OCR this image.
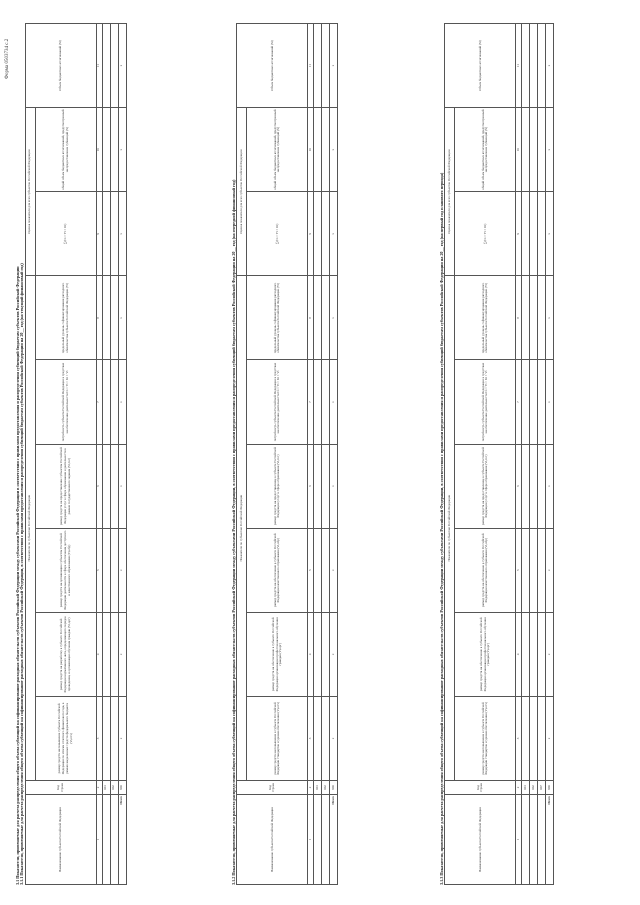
Форма 0503734 с.2
3.1 Показатели, применяемые для расчета распределения общего объема субвенций на софинансирование расходных обязательств субъектов Российской Федерации между субъектами Российской Федерации в соответствии с правилами предоставления и распределения субвенций бюджетам субъектов Российской Федерации 3.1.1 Показатели, применяемые для расчета распределения общего объема субвенций на софинансирование расходных обязательств субъектов Российской Федерации, в соответствии с правилами предоставления и распределения субвенций бюджетам субъектов Российской Федерации на 20__ год (на текущий финансовый год)	Наименование субъекта Российской Федерации	Код строки	Показатели по субъектам Российской Федерации						Оценка показателя для всех субъектов Российской Федерации		Объем бюджетных ассигнований (Si)
		размер средств на повышение субъекта Российской Федерации по итогам отчетного финансового года, в рамках выделенных средств федерального бюджета (Vi,отч)	размер средств на разработку в субъекте Российской Федерации нормативного акта, определяющего порядок проведения, и организации обучения граждан (Vi,орг)	размер средств на организацию субъектом Российской Федерации деятельности в сфере обеспечения доступного и качественного образования (Vi,обр)	размер средств на предоставление субъектом Российской Федерации услуг в сфере образования и деятельности в рамках государственного задания (Vi,гос)	потребность субъекта Российской Федерации в средствах на обеспечение деятельности Ci = Ti × Ki × Vi	предельный уровень софинансирования расходного обязательства субъекта Российской Федерации (Yi)	∑(Ci × Yi × Ki)	общий объем бюджетных ассигнований, предусмотренный на предоставление субвенций (S)	
1	2	3	4	5	6	7	8	9	10	11
	001									
	002									
Итого	900	x	x	x	x	x	x	x	x	x
3.1.2 Показатели, применяемые для расчета распределения общего объема субвенций на софинансирование расходных обязательств субъектов Российской Федерации между субъектами Российской Федерации, в соответствии с правилами предоставления и распределения субвенций бюджетам субъектов Российской Федерации на 20__ год (на очередной финансовый год)	Наименование субъекта Российской Федерации	Код строки	Показатели по субъектам Российской Федерации						Оценка показателя для всех субъектов Российской Федерации		Объем бюджетных ассигнований (Si)
		размер средств на повышение в субъекте Российской Федерации стандартов и уровня обеспечения (Vi,отч)	размер средств на обеспечение в субъекте Российской Федерации организации профессионального обучения граждан (Vi,орг)	размер средств на обеспечение в субъекте Российской Федерации качественного образования (Vi,обр)	размер средств на предоставление в субъекте Российской Федерации услуг в сфере образования (Vi,гос)	потребность субъекта Российской Федерации в средствах на обеспечение деятельности Ci = Ti × Ki × Vi	предельный уровень софинансирования расходного обязательства субъекта Российской Федерации (Yi)	∑(Ci × Yi × Ki)	общий объем бюджетных ассигнований, предусмотренный на предоставление субвенций (S)	
1	2	3	4	5	6	7	8	9	10	11
	001									
	002									
Итого	900	x	x	x	x	x	x	x	x	x
3.1.3 Показатели, применяемые для расчета распределения общего объема субвенций на софинансирование расходных обязательств субъектов Российской Федерации между субъектами Российской Федерации, в соответствии с правилами предоставления и распределения субвенций бюджетам субъектов Российской Федерации на 20__ год (на первый год планового периода)	Наименование субъекта Российской Федерации	Код строки	Показатели по субъектам Российской Федерации						Оценка показателя для всех субъектов Российской Федерации		Объем бюджетных ассигнований (Si)
		размер средств на повышение в субъекте Российской Федерации стандартов и уровня обеспечения (Vi,отч)	размер средств на обеспечение в субъекте Российской Федерации организации профессионального обучения граждан (Vi,орг)	размер средств на обеспечение в субъекте Российской Федерации качественного образования (Vi,обр)	размер средств на предоставление в субъекте Российской Федерации услуг в сфере образования (Vi,гос)	потребность субъекта Российской Федерации в средствах на обеспечение деятельности Ci = Ti × Ki × Vi	предельный уровень софинансирования расходного обязательства субъекта Российской Федерации (Yi)	∑(Ci × Yi × Ki)	общий объем бюджетных ассигнований, предусмотренный на предоставление субвенций (S)	
1	2	3	4	5	6	7	8	9	10	11
	001									
	002									
	007									
Итого	900	x	x	x	x	x	x	x	x	x
